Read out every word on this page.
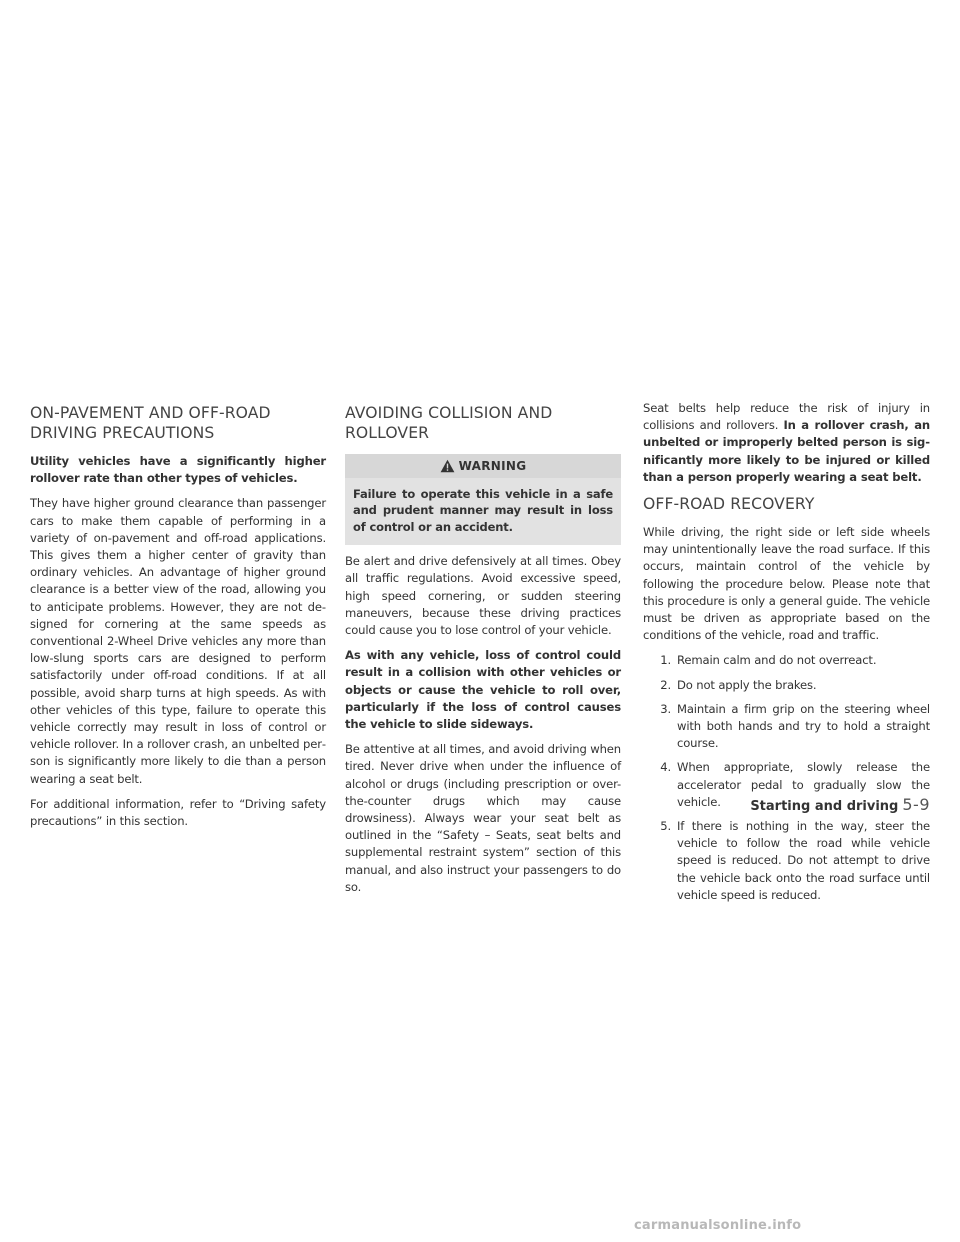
ON-PAVEMENT AND OFF-ROAD
DRIVING PRECAUTIONS

Utility vehicles have a significantly higher rollover rate than other types of vehicles.

They have higher ground clearance than passenger cars to make them capable of performing in a variety of on-pavement and off-road applications. This gives them a higher center of gravity than ordinary vehicles. An advantage of higher ground clearance is a better view of the road, allowing you to anticipate problems. However, they are not designed for cornering at the same speeds as conventional 2-Wheel Drive vehicles any more than low-slung sports cars are designed to perform satisfactorily under off-road conditions. If at all possible, avoid sharp turns at high speeds. As with other vehicles of this type, failure to operate this vehicle correctly may result in loss of control or vehicle rollover. In a rollover crash, an unbelted person is significantly more likely to die than a person wearing a seat belt.

For additional information, refer to “Driving safety precautions” in this section.

AVOIDING COLLISION AND
ROLLOVER
WARNING
Failure to operate this vehicle in a safe and prudent manner may result in loss of control or an accident.

Be alert and drive defensively at all times. Obey all traffic regulations. Avoid excessive speed, high speed cornering, or sudden steering maneuvers, because these driving practices could cause you to lose control of your vehicle.

As with any vehicle, loss of control could result in a collision with other vehicles or objects or cause the vehicle to roll over, particularly if the loss of control causes the vehicle to slide sideways.

Be attentive at all times, and avoid driving when tired. Never drive when under the influence of alcohol or drugs (including prescription or over-the-counter drugs which may cause drowsiness). Always wear your seat belt as outlined in the “Safety – Seats, seat belts and supplemental restraint system” section of this manual, and also instruct your passengers to do so.

Seat belts help reduce the risk of injury in collisions and rollovers. In a rollover crash, an unbelted or improperly belted person is significantly more likely to be injured or killed than a person properly wearing a seat belt.

OFF-ROAD RECOVERY

While driving, the right side or left side wheels may unintentionally leave the road surface. If this occurs, maintain control of the vehicle by following the procedure below. Please note that this procedure is only a general guide. The vehicle must be driven as appropriate based on the conditions of the vehicle, road and traffic.

1. Remain calm and do not overreact.
2. Do not apply the brakes.
3. Maintain a firm grip on the steering wheel with both hands and try to hold a straight course.
4. When appropriate, slowly release the accelerator pedal to gradually slow the vehicle.
5. If there is nothing in the way, steer the vehicle to follow the road while vehicle speed is reduced. Do not attempt to drive the vehicle back onto the road surface until vehicle speed is reduced.
Starting and driving 5-9
carmanualsonline.info
